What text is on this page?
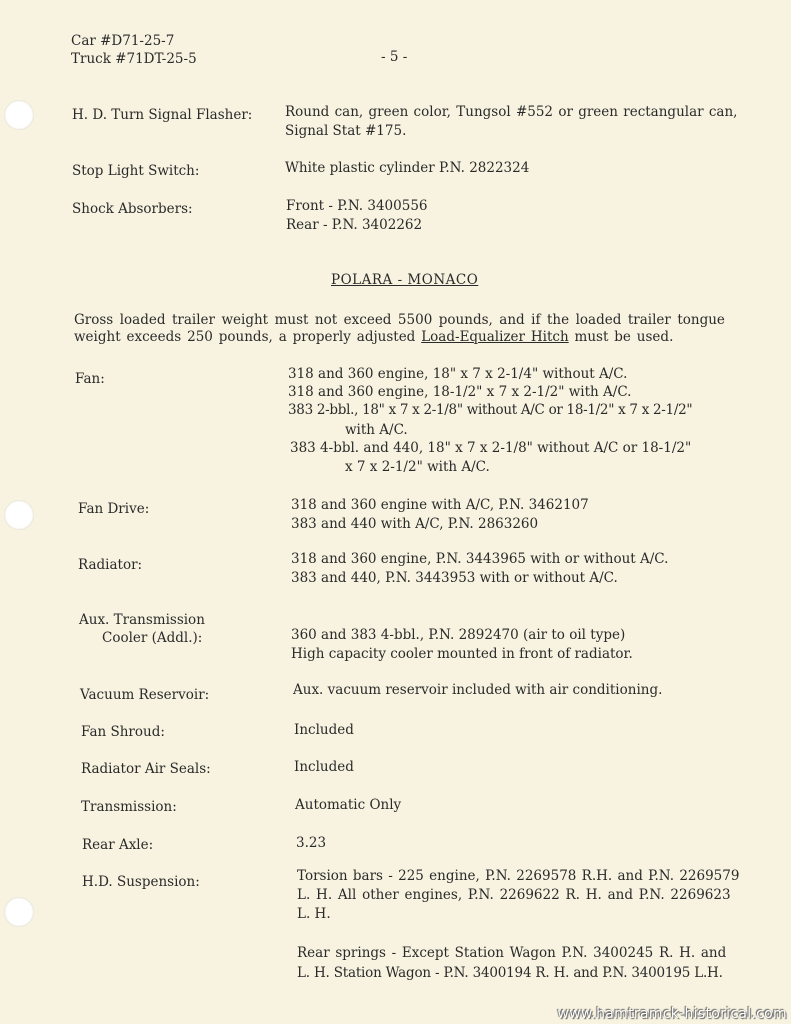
Car #D71-25-7
Truck #71DT-25-5	- 5 -
H. D. Turn Signal Flasher: Round can, green color, Tungsol #552 or green rectangular can,
Signal Stat #175.
Stop Light Switch:	White plastic cylinder P.N. 2822324
Shock Absorbers:	Front - P.N. 3400556
Rear - P.N. 3402262
POLARA - MONACO
Gross loaded trailer weight must not exceed 5500 pounds, and if the loaded trailer tongue
weight exceeds 250 pounds, a properly adjusted Load-Equalizer Hitch must be used.
Fan:	318 and 360 engine, 18" x 7 x 2-1/4" without A/C.
318 and 360 engine, 18-1/2" x 7 x 2-1/2" with A/C.
383 2-bbl., 18" x 7 x 2-1/8" without A/C or 18-1/2" x 7 x 2-1/2"
with A/C.
383 4-bbl. and 440, 18" x 7 x 2-1/8" without A/C or 18-1/2"
x 7 x 2-1/2" with A/C.
Fan Drive:	318 and 360 engine with A/C, P.N. 3462107
383 and 440 with A/C, P.N. 2863260
Radiator:	318 and 360 engine, P.N. 3443965 with or without A/C.
383 and 440, P.N. 3443953 with or without A/C.
Aux. Transmission
Cooler (Addl.):	360 and 383 4-bbl., P.N. 2892470 (air to oil type)
High capacity cooler mounted in front of radiator.
Vacuum Reservoir:	Aux. vacuum reservoir included with air conditioning.
Fan Shroud:	Included
Radiator Air Seals:	Included
Transmission:	Automatic Only
Rear Axle:	3.23
H.D. Suspension:	Torsion bars - 225 engine, P.N. 2269578 R.H. and P.N. 2269579
L. H. All other engines, P.N. 2269622 R. H. and P.N. 2269623
L. H.
Rear springs - Except Station Wagon P.N. 3400245 R. H. and
L. H. Station Wagon - P.N. 3400194 R. H. and P.N. 3400195 L.H.
www.hamtramck-historical.com
